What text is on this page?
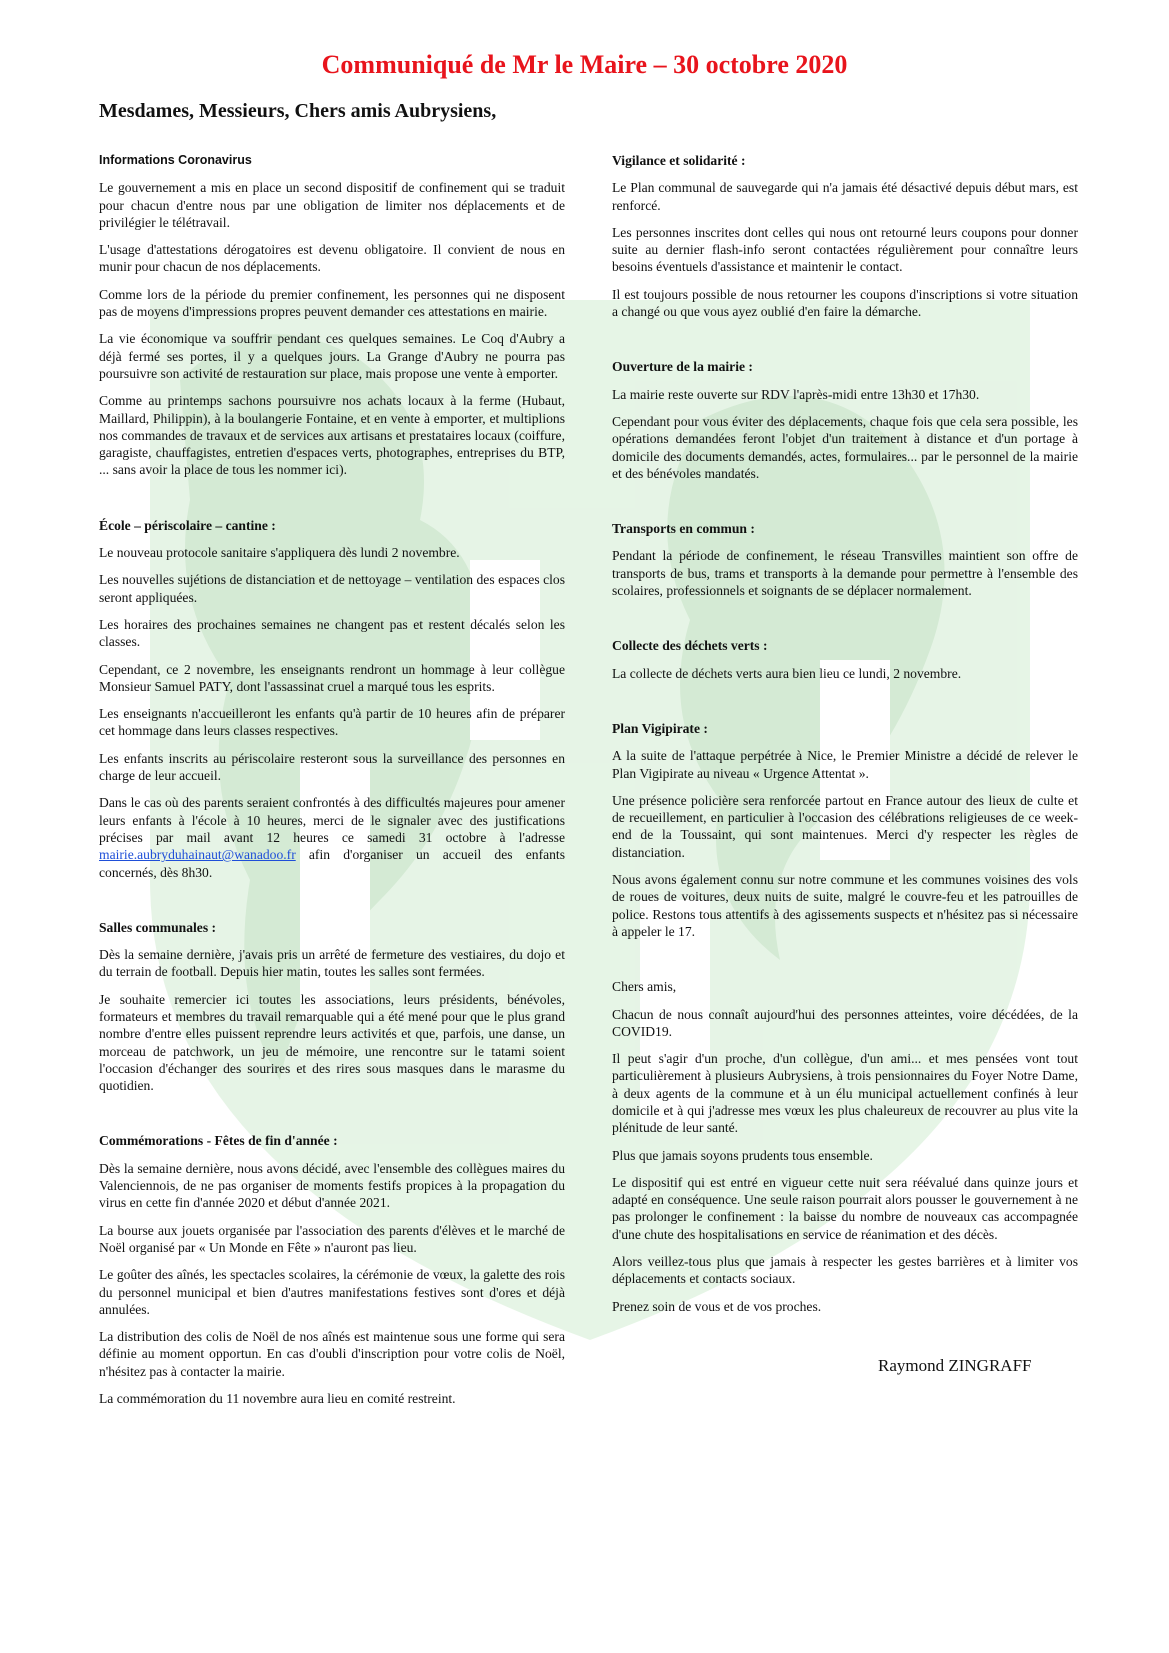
Communiqué de Mr le Maire – 30 octobre 2020
Mesdames, Messieurs, Chers amis Aubrysiens,
Informations Coronavirus

Le gouvernement a mis en place un second dispositif de confinement qui se traduit pour chacun d'entre nous par une obligation de limiter nos déplacements et de privilégier le télétravail.

L'usage d'attestations dérogatoires est devenu obligatoire. Il convient de nous en munir pour chacun de nos déplacements.

Comme lors de la période du premier confinement, les personnes qui ne disposent pas de moyens d'impressions propres peuvent demander ces attestations en mairie.

La vie économique va souffrir pendant ces quelques semaines. Le Coq d'Aubry a déjà fermé ses portes, il y a quelques jours. La Grange d'Aubry ne pourra pas poursuivre son activité de restauration sur place, mais propose une vente à emporter.

Comme au printemps sachons poursuivre nos achats locaux à la ferme (Hubaut, Maillard, Philippin), à la boulangerie Fontaine, et en vente à emporter, et multiplions nos commandes de travaux et de services aux artisans et prestataires locaux (coiffure, garagiste, chauffagistes, entretien d'espaces verts, photographes, entreprises du BTP, ... sans avoir la place de tous les nommer ici).

École – périscolaire – cantine :

Le nouveau protocole sanitaire s'appliquera dès lundi 2 novembre.

Les nouvelles sujétions de distanciation et de nettoyage – ventilation des espaces clos seront appliquées.

Les horaires des prochaines semaines ne changent pas et restent décalés selon les classes.

Cependant, ce 2 novembre, les enseignants rendront un hommage à leur collègue Monsieur Samuel PATY, dont l'assassinat cruel a marqué tous les esprits.

Les enseignants n'accueilleront les enfants qu'à partir de 10 heures afin de préparer cet hommage dans leurs classes respectives.

Les enfants inscrits au périscolaire resteront sous la surveillance des personnes en charge de leur accueil.

Dans le cas où des parents seraient confrontés à des difficultés majeures pour amener leurs enfants à l'école à 10 heures, merci de le signaler avec des justifications précises par mail avant 12 heures ce samedi 31 octobre à l'adresse mairie.aubryduhainaut@wanadoo.fr afin d'organiser un accueil des enfants concernés, dès 8h30.

Salles communales :

Dès la semaine dernière, j'avais pris un arrêté de fermeture des vestiaires, du dojo et du terrain de football. Depuis hier matin, toutes les salles sont fermées.

Je souhaite remercier ici toutes les associations, leurs présidents, bénévoles, formateurs et membres du travail remarquable qui a été mené pour que le plus grand nombre d'entre elles puissent reprendre leurs activités et que, parfois, une danse, un morceau de patchwork, un jeu de mémoire, une rencontre sur le tatami soient l'occasion d'échanger des sourires et des rires sous masques dans le marasme du quotidien.

Commémorations - Fêtes de fin d'année :

Dès la semaine dernière, nous avons décidé, avec l'ensemble des collègues maires du Valenciennois, de ne pas organiser de moments festifs propices à la propagation du virus en cette fin d'année 2020 et début d'année 2021.

La bourse aux jouets organisée par l'association des parents d'élèves et le marché de Noël organisé par « Un Monde en Fête » n'auront pas lieu.

Le goûter des aînés, les spectacles scolaires, la cérémonie de vœux, la galette des rois du personnel municipal et bien d'autres manifestations festives sont d'ores et déjà annulées.

La distribution des colis de Noël de nos aînés est maintenue sous une forme qui sera définie au moment opportun. En cas d'oubli d'inscription pour votre colis de Noël, n'hésitez pas à contacter la mairie.

La commémoration du 11 novembre aura lieu en comité restreint.

Vigilance et solidarité :

Le Plan communal de sauvegarde qui n'a jamais été désactivé depuis début mars, est renforcé.

Les personnes inscrites dont celles qui nous ont retourné leurs coupons pour donner suite au dernier flash-info seront contactées régulièrement pour connaître leurs besoins éventuels d'assistance et maintenir le contact.

Il est toujours possible de nous retourner les coupons d'inscriptions si votre situation a changé ou que vous ayez oublié d'en faire la démarche.

Ouverture de la mairie :

La mairie reste ouverte sur RDV l'après-midi entre 13h30 et 17h30.

Cependant pour vous éviter des déplacements, chaque fois que cela sera possible, les opérations demandées feront l'objet d'un traitement à distance et d'un portage à domicile des documents demandés, actes, formulaires... par le personnel de la mairie et des bénévoles mandatés.

Transports en commun :

Pendant la période de confinement, le réseau Transvilles maintient son offre de transports de bus, trams et transports à la demande pour permettre à l'ensemble des scolaires, professionnels et soignants de se déplacer normalement.

Collecte des déchets verts :

La collecte de déchets verts aura bien lieu ce lundi, 2 novembre.

Plan Vigipirate :

A la suite de l'attaque perpétrée à Nice, le Premier Ministre a décidé de relever le Plan Vigipirate au niveau « Urgence Attentat ».

Une présence policière sera renforcée partout en France autour des lieux de culte et de recueillement, en particulier à l'occasion des célébrations religieuses de ce week-end de la Toussaint, qui sont maintenues. Merci d'y respecter les règles de distanciation.

Nous avons également connu sur notre commune et les communes voisines des vols de roues de voitures, deux nuits de suite, malgré le couvre-feu et les patrouilles de police. Restons tous attentifs à des agissements suspects et n'hésitez pas si nécessaire à appeler le 17.

Chers amis,

Chacun de nous connaît aujourd'hui des personnes atteintes, voire décédées, de la COVID19.

Il peut s'agir d'un proche, d'un collègue, d'un ami... et mes pensées vont tout particulièrement à plusieurs Aubrysiens, à trois pensionnaires du Foyer Notre Dame, à deux agents de la commune et à un élu municipal actuellement confinés à leur domicile et à qui j'adresse mes vœux les plus chaleureux de recouvrer au plus vite la plénitude de leur santé.

Plus que jamais soyons prudents tous ensemble.

Le dispositif qui est entré en vigueur cette nuit sera réévalué dans quinze jours et adapté en conséquence. Une seule raison pourrait alors pousser le gouvernement à ne pas prolonger le confinement : la baisse du nombre de nouveaux cas accompagnée d'une chute des hospitalisations en service de réanimation et des décès.

Alors veillez-tous plus que jamais à respecter les gestes barrières et à limiter vos déplacements et contacts sociaux.

Prenez soin de vous et de vos proches.

Raymond ZINGRAFF
